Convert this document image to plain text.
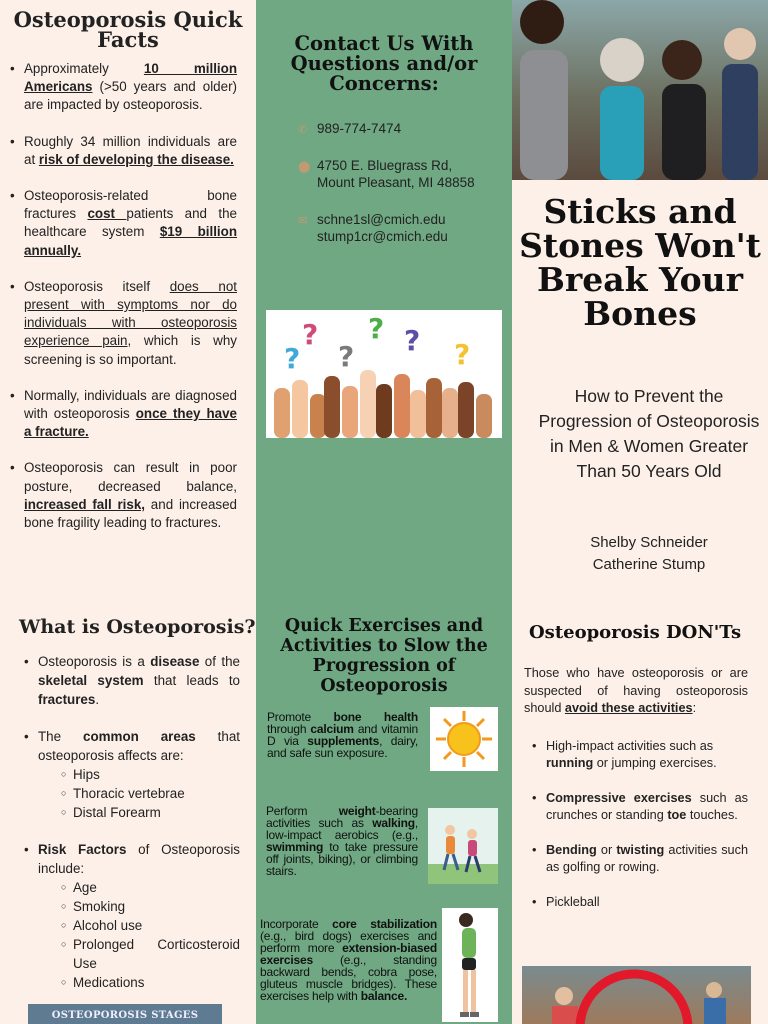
Osteoporosis Quick Facts
• Approximately 10 million Americans (>50 years and older) are impacted by osteoporosis.
• Roughly 34 million individuals are at risk of developing the disease.
• Osteoporosis-related bone fractures cost patients and the healthcare system $19 billion annually.
• Osteoporosis itself does not present with symptoms nor do individuals with osteoporosis experience pain, which is why screening is so important.
• Normally, individuals are diagnosed with osteoporosis once they have a fracture.
• Osteoporosis can result in poor posture, decreased balance, increased fall risk, and increased bone fragility leading to fractures.
Contact Us With Questions and/or Concerns:
✆ 989-774-7474
⬤ 4750 E. Bluegrass Rd,
Mount Pleasant, MI 48858
✉ schne1sl@cmich.edu
stump1cr@cmich.edu
?
?
?
? ? ?
Sticks and Stones Won't Break Your Bones
How to Prevent the Progression of Osteoporosis in Men & Women Greater Than 50 Years Old
Shelby Schneider
Catherine Stump
What is Osteoporosis?
• Osteoporosis is a disease of the skeletal system that leads to fractures.
• The common areas that osteoporosis affects are:
○ Hips
○ Thoracic vertebrae
○ Distal Forearm
• Risk Factors of Osteoporosis include:
○ Age
○ Smoking
○ Alcohol use
○ Prolonged Corticosteroid Use
○ Medications
OSTEOPOROSIS STAGES
Quick Exercises and Activities to Slow the Progression of Osteoporosis
Promote bone health through calcium and vitamin D via supplements, dairy, and safe sun exposure.
Perform weight-bearing activities such as walking, low-impact aerobics (e.g., swimming to take pressure off joints, biking), or climbing stairs.
Incorporate core stabilization (e.g., bird dogs) exercises and perform more extension-biased exercises (e.g., standing backward bends, cobra pose, gluteus muscle bridges). These exercises help with balance.
Osteoporosis DON'Ts

Those who have osteoporosis or are suspected of having osteoporosis should avoid these activities:

• High-impact activities such as running or jumping exercises.
• Compressive exercises such as crunches or standing toe touches.
• Bending or twisting activities such as golfing or rowing.
• Pickleball
